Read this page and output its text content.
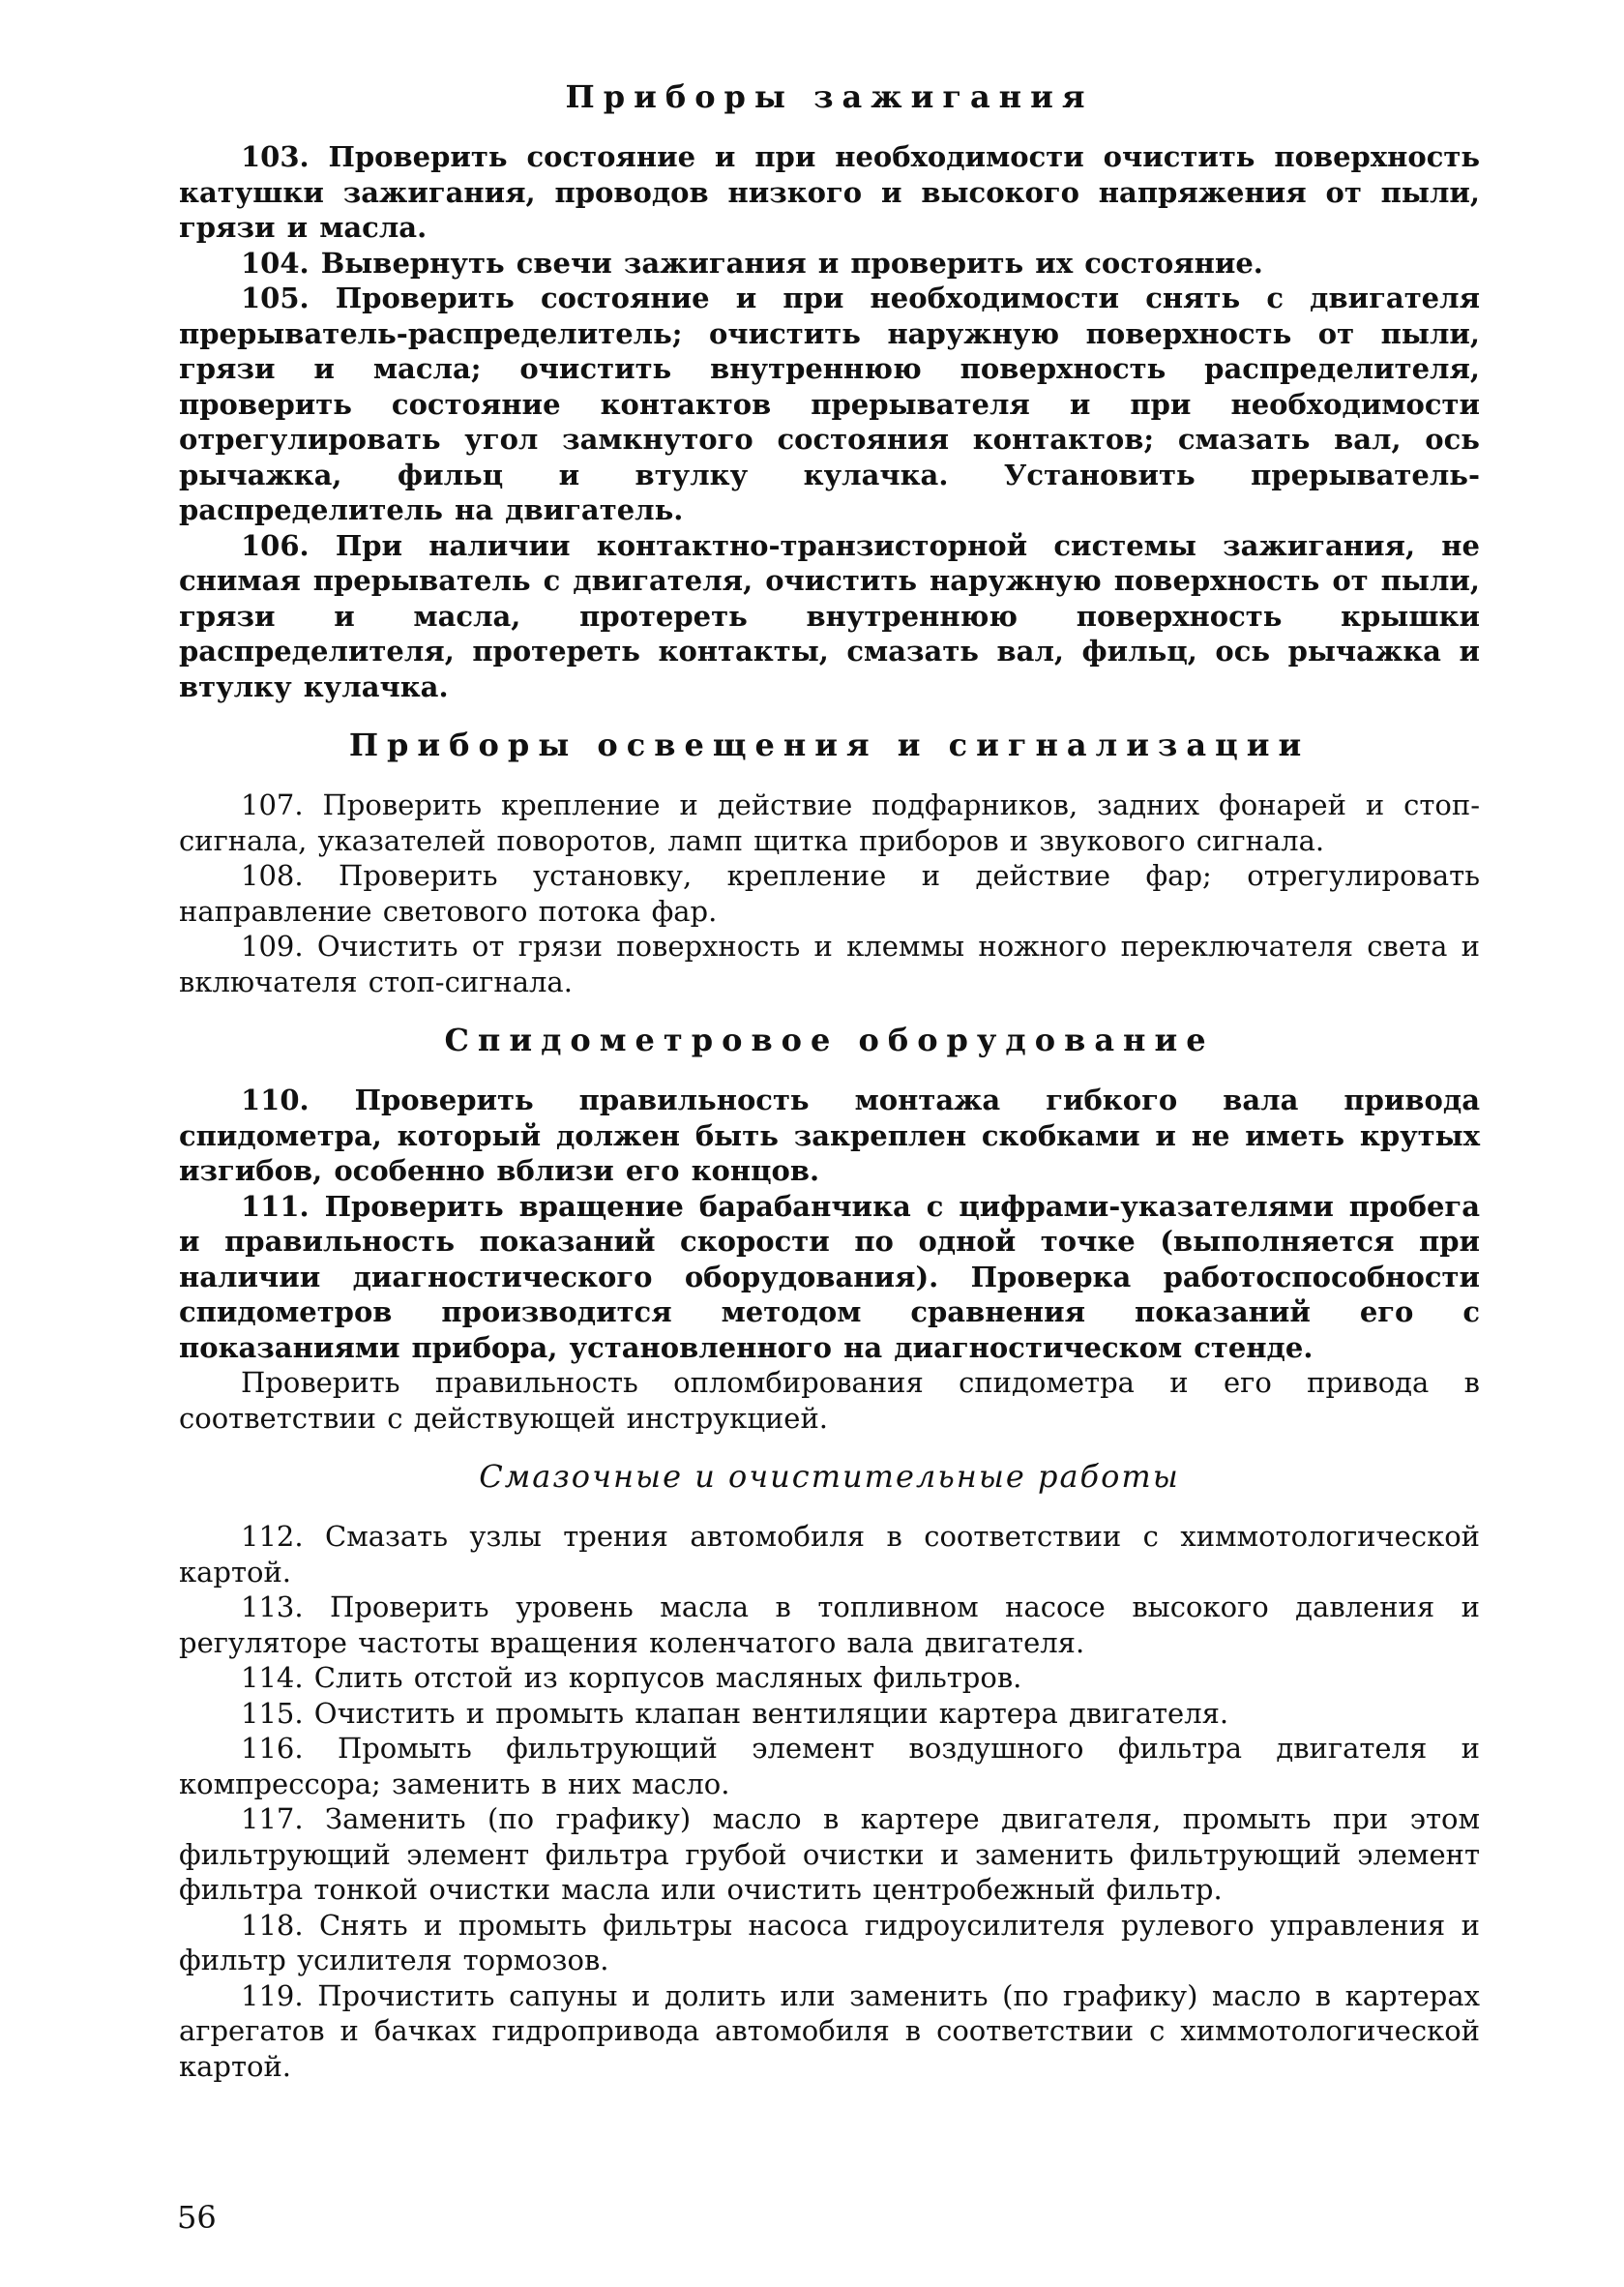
Приборы зажигания

103. Проверить состояние и при необходимости очистить поверхность катушки зажигания, проводов низкого и высокого напряжения от пыли, грязи и масла.

104. Вывернуть свечи зажигания и проверить их состояние.

105. Проверить состояние и при необходимости снять с двигателя прерыватель-распределитель; очистить наружную поверхность от пыли, грязи и масла; очистить внутреннюю поверхность распределителя, проверить состояние контактов прерывателя и при необходимости отрегулировать угол замкнутого состояния контактов; смазать вал, ось рычажка, фильц и втулку кулачка. Установить прерыватель-распределитель на двигатель.

106. При наличии контактно-транзисторной системы зажигания, не снимая прерыватель с двигателя, очистить наружную поверхность от пыли, грязи и масла, протереть внутреннюю поверхность крышки распределителя, протереть контакты, смазать вал, фильц, ось рычажка и втулку кулачка.

Приборы освещения и сигнализации

107. Проверить крепление и действие подфарников, задних фонарей и стоп-сигнала, указателей поворотов, ламп щитка приборов и звукового сигнала.

108. Проверить установку, крепление и действие фар; отрегулировать направление светового потока фар.

109. Очистить от грязи поверхность и клеммы ножного переключателя света и включателя стоп-сигнала.

Спидометровое оборудование

110. Проверить правильность монтажа гибкого вала привода спидометра, который должен быть закреплен скобками и не иметь крутых изгибов, особенно вблизи его концов.

111. Проверить вращение барабанчика с цифрами-указателями пробега и правильность показаний скорости по одной точке (выполняется при наличии диагностического оборудования). Проверка работоспособности спидометров производится методом сравнения показаний его с показаниями прибора, установленного на диагностическом стенде.

Проверить правильность опломбирования спидометра и его привода в соответствии с действующей инструкцией.

Смазочные и очистительные работы

112. Смазать узлы трения автомобиля в соответствии с химмотологической картой.

113. Проверить уровень масла в топливном насосе высокого давления и регуляторе частоты вращения коленчатого вала двигателя.

114. Слить отстой из корпусов масляных фильтров.

115. Очистить и промыть клапан вентиляции картера двигателя.

116. Промыть фильтрующий элемент воздушного фильтра двигателя и компрессора; заменить в них масло.

117. Заменить (по графику) масло в картере двигателя, промыть при этом фильтрующий элемент фильтра грубой очистки и заменить фильтрующий элемент фильтра тонкой очистки масла или очистить центробежный фильтр.

118. Снять и промыть фильтры насоса гидроусилителя рулевого управления и фильтр усилителя тормозов.

119. Прочистить сапуны и долить или заменить (по графику) масло в картерах агрегатов и бачках гидропривода автомобиля в соответствии с химмотологической картой.

56
